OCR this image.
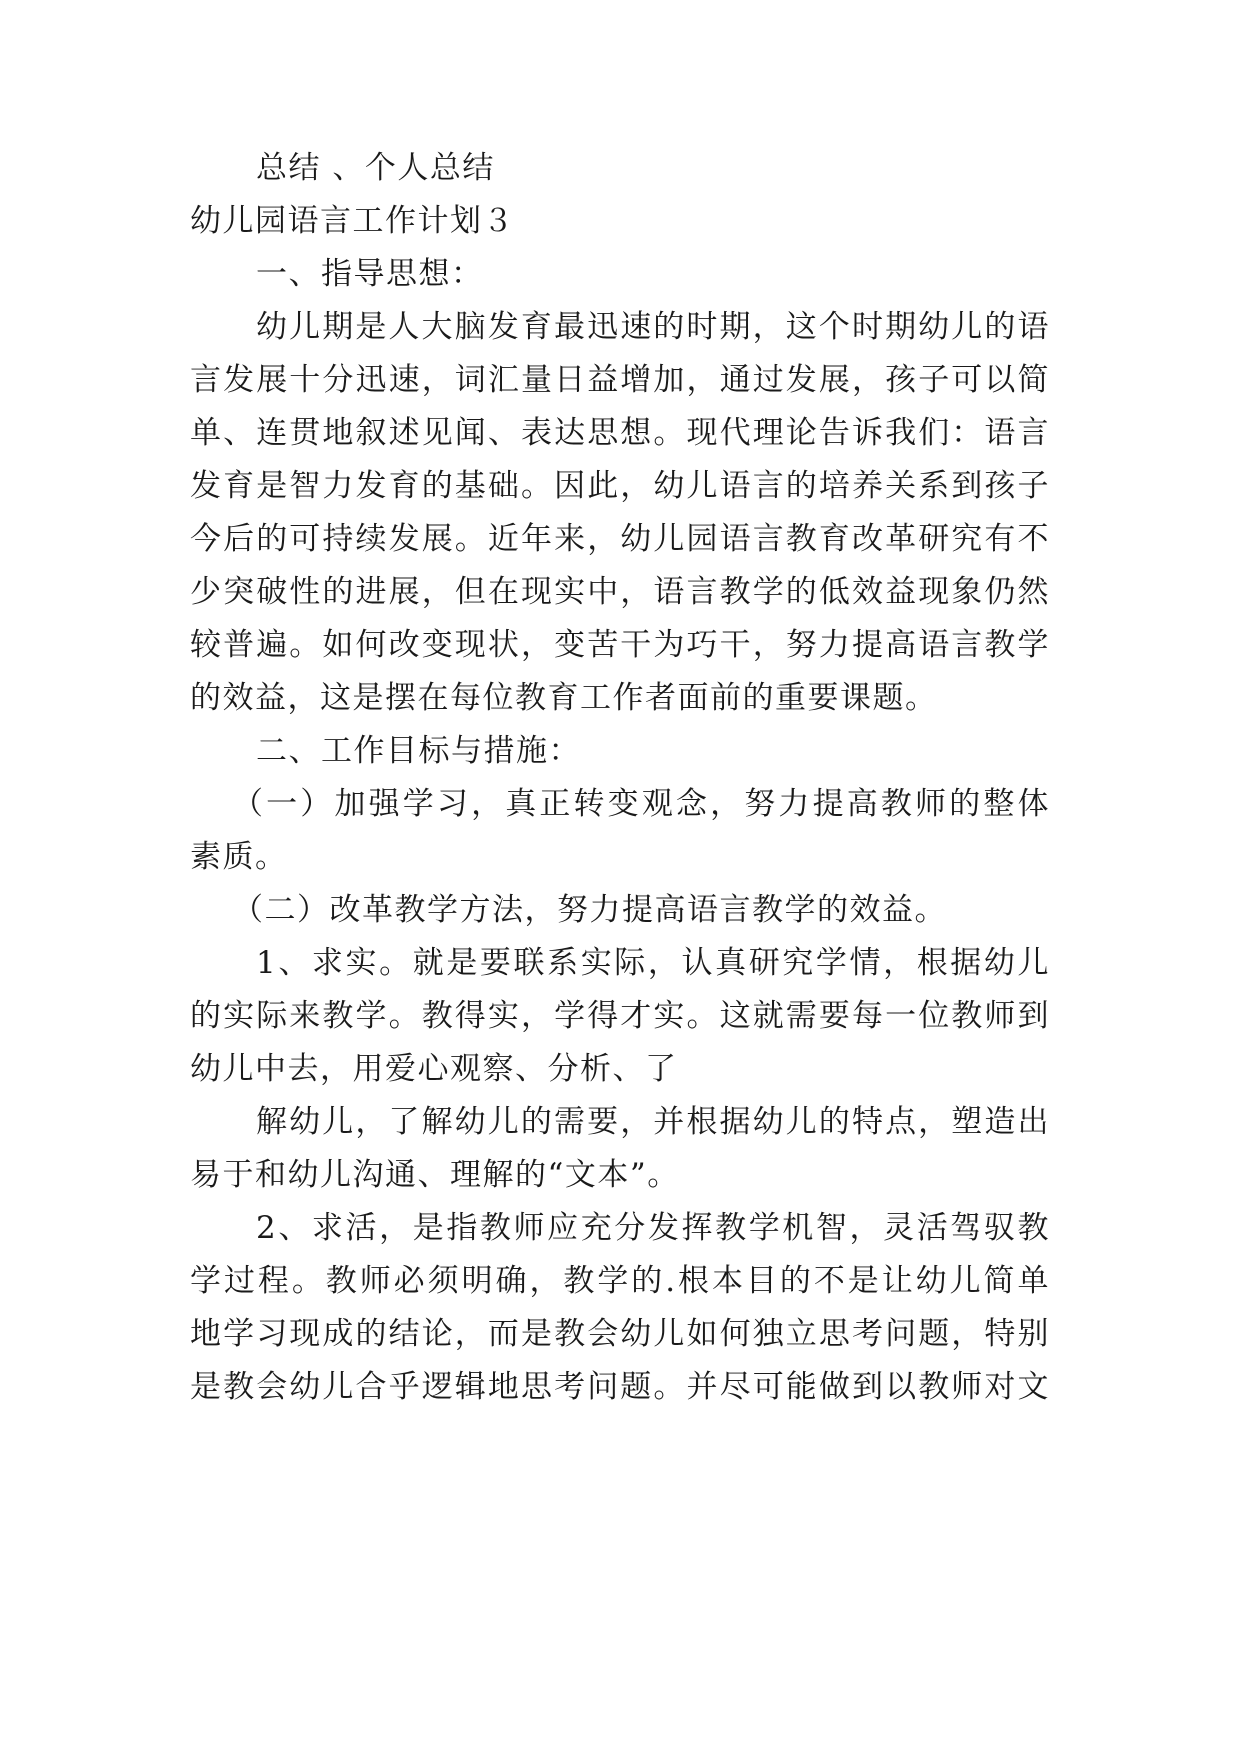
总结 、个人总结
幼儿园语言工作计划３
一、指导思想：
幼儿期是人大脑发育最迅速的时期，这个时期幼儿的语
言发展十分迅速，词汇量日益增加，通过发展，孩子可以简
单、连贯地叙述见闻、表达思想。现代理论告诉我们：语言
发育是智力发育的基础。因此，幼儿语言的培养关系到孩子
今后的可持续发展。近年来，幼儿园语言教育改革研究有不
少突破性的进展，但在现实中，语言教学的低效益现象仍然
较普遍。如何改变现状，变苦干为巧干，努力提高语言教学
的效益，这是摆在每位教育工作者面前的重要课题。
二、工作目标与措施：
（一）加强学习，真正转变观念，努力提高教师的整体
素质。
（二）改革教学方法，努力提高语言教学的效益。
1、求实。就是要联系实际，认真研究学情，根据幼儿
的实际来教学。教得实，学得才实。这就需要每一位教师到
幼儿中去，用爱心观察、分析、了
解幼儿，了解幼儿的需要，并根据幼儿的特点，塑造出
易于和幼儿沟通、理解的“文本”。
2、求活，是指教师应充分发挥教学机智，灵活驾驭教
学过程。教师必须明确，教学的.根本目的不是让幼儿简单
地学习现成的结论，而是教会幼儿如何独立思考问题，特别
是教会幼儿合乎逻辑地思考问题。并尽可能做到以教师对文
